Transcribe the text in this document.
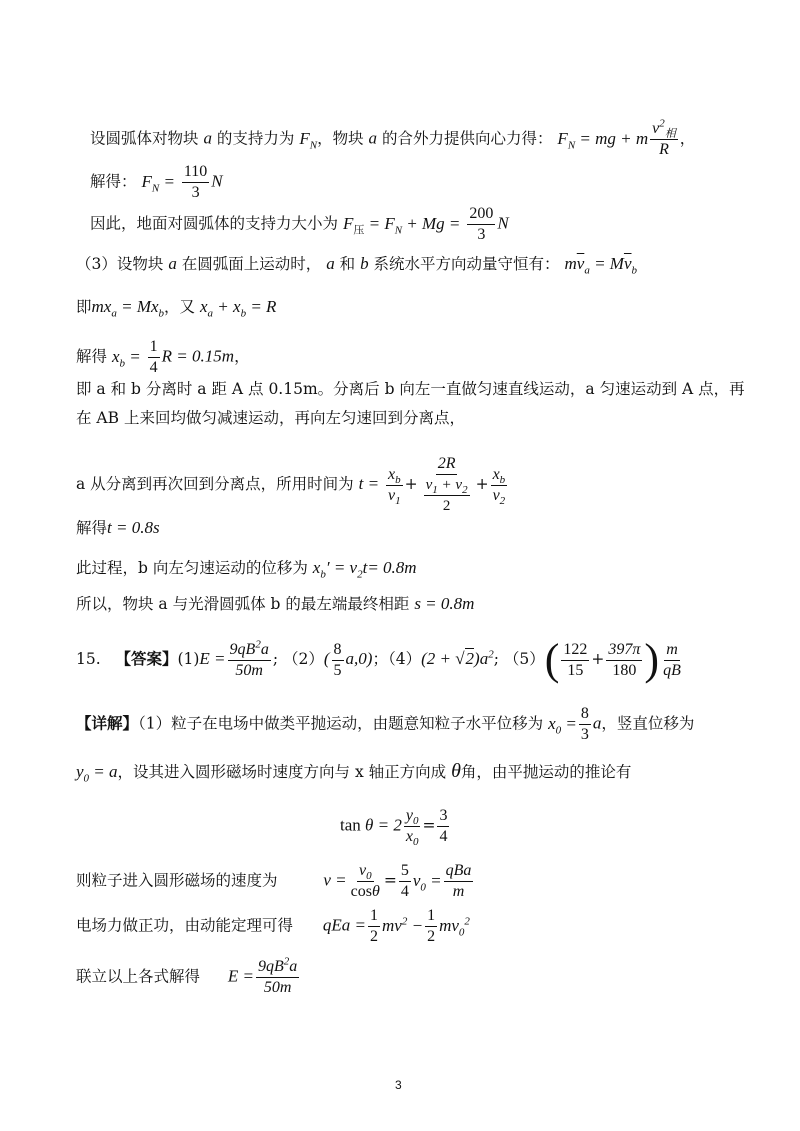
设圆弧体对物块 a 的支持力为 $F_N$，物块 a 的合外力提供向心力得： $F_N$ = mg + m $\frac{v^2_相}{R}$ ，
解得： $F_N = \frac{110}{3}$ N
因此，地面对圆弧体的支持力大小为 $F_压 = F_N + Mg = \frac{200}{3}$ N
（3）设物块 a 在圆弧面上运动时， a 和 b 系统水平方向动量守恒有： $m\overline{v}_a = M\overline{v}_b$
即$mx_a = Mx_b$，又 $x_a + x_b = R$
解得 $x_b = \frac{1}{4}$ R = 0.15m，
即 a 和 b 分离时 a 距 A 点 0.15m。分离后 b 向左一直做匀速直线运动，a 匀速运动到 A 点，再
在 AB 上来回均做匀减速运动，再向左匀速回到分离点，
a 从分离到再次回到分离点，所用时间为 $t = \frac{x_b}{v_1} + \frac{2R}{\frac{v_1 + v_2}{2}} + \frac{x_b}{v_2}$
解得t = 0.8s
此过程，b 向左匀速运动的位移为 $x_b' = v_2t= 0.8m$
所以，物块 a 与光滑圆弧体 b 的最左端最终相距 s = 0.8m
15. 【答案】$(1)E = \frac{9qB^2a}{50m}$ ; $(2)( \frac{8}{5} a,0)$；$(4)(2 + √2)a^2$; $(5)( \frac{122}{15} + \frac{397\pi}{180}$ ) $\frac{m}{qB}$
【详解】（1）粒子在电场中做类平抛运动，由题意知粒子水平位移为 $x_0 = \frac{8}{3}$ a，竖直位移为
$y_0 = a$，设其进入圆形磁场时速度方向与 x 轴正方向成 θ角，由平抛运动的推论有
$\tan \theta = 2 \frac{y_0}{x_0} = \frac{3}{4}$
则粒子进入圆形磁场的速度为	$v = \frac{v_0}{\cos\theta} = \frac{5}{4} v_0 = \frac{\text{qBa}}{m}$
电场力做正功，由动能定理可得 qEa = $\frac{1}{2} mv^2 - \frac{1}{2} mv_0^2$
联立以上各式解得 $E = \frac{9qB^2a}{50m}$
3
